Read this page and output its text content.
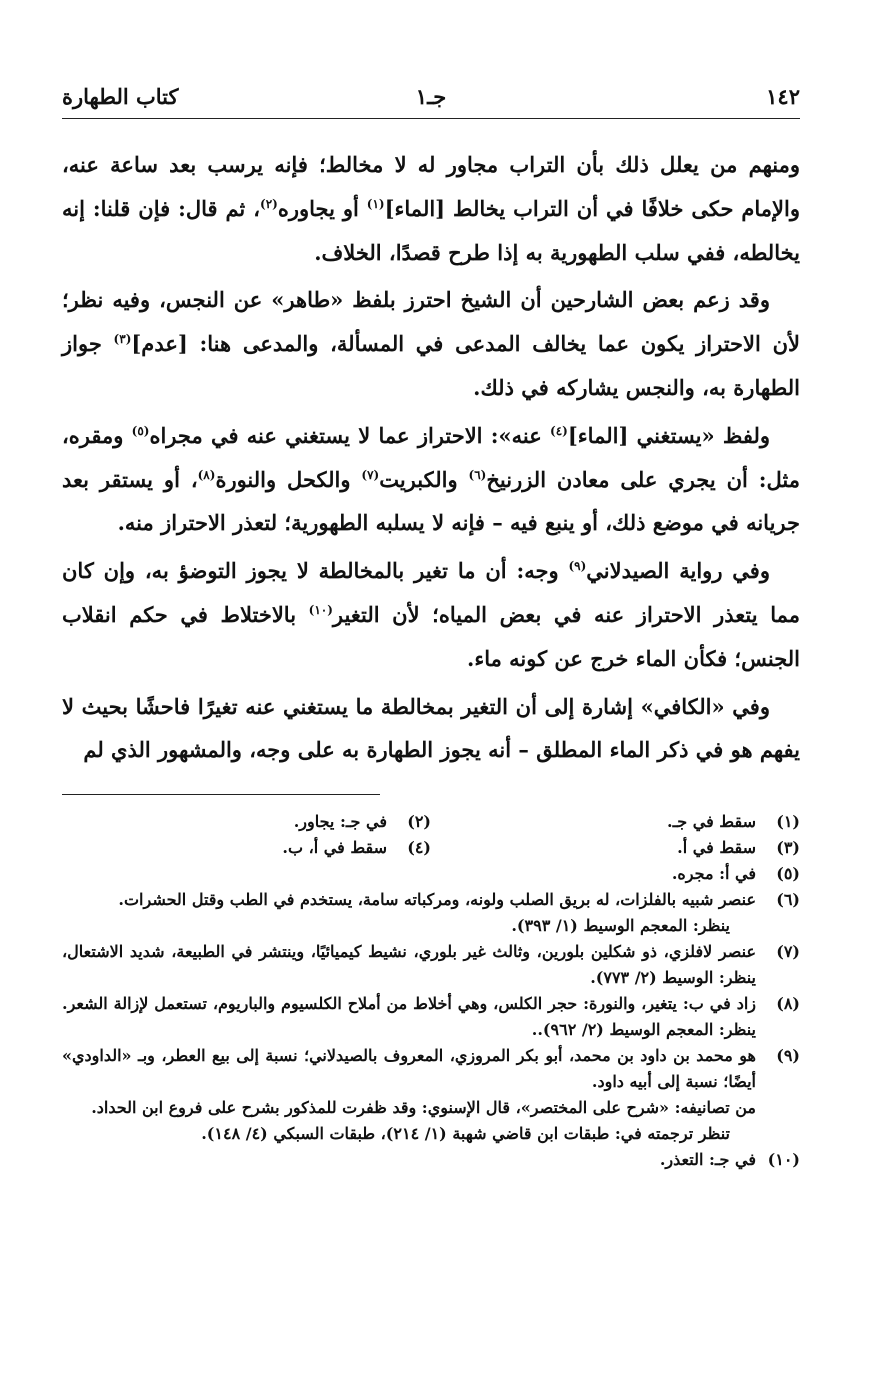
١٤٢
جـ١
كتاب الطهارة

ومنهم من يعلل ذلك بأن التراب مجاور له لا مخالط؛ فإنه يرسب بعد ساعة عنه، والإمام حكى خلافًا في أن التراب يخالط [الماء]$^{(١)}$ أو يجاوره$^{(٢)}$، ثم قال: فإن قلنا: إنه يخالطه، ففي سلب الطهورية به إذا طرح قصدًا، الخلاف.

وقد زعم بعض الشارحين أن الشيخ احترز بلفظ «طاهر» عن النجس، وفيه نظر؛ لأن الاحتراز يكون عما يخالف المدعى في المسألة، والمدعى هنا: [عدم]$^{(٣)}$ جواز الطهارة به، والنجس يشاركه في ذلك.

ولفظ «يستغني [الماء]$^{(٤)}$ عنه»: الاحتراز عما لا يستغني عنه في مجراه$^{(٥)}$ ومقره، مثل: أن يجري على معادن الزرنيخ$^{(٦)}$ والكبريت$^{(٧)}$ والكحل والنورة$^{(٨)}$، أو يستقر بعد جريانه في موضع ذلك، أو ينبع فيه – فإنه لا يسلبه الطهورية؛ لتعذر الاحتراز منه.

وفي رواية الصيدلاني$^{(٩)}$ وجه: أن ما تغير بالمخالطة لا يجوز التوضؤ به، وإن كان مما يتعذر الاحتراز عنه في بعض المياه؛ لأن التغير$^{(١٠)}$ بالاختلاط في حكم انقلاب الجنس؛ فكأن الماء خرج عن كونه ماء.

وفي «الكافي» إشارة إلى أن التغير بمخالطة ما يستغني عنه تغيرًا فاحشًا بحيث لا يفهم هو في ذكر الماء المطلق – أنه يجوز الطهارة به على وجه، والمشهور الذي لم

(١)
سقط في جـ.
(٢)
في جـ: يجاور.
(٣)
سقط في أ.
(٤)
سقط في أ، ب.
(٥)
في أ: مجره.
(٦)
عنصر شبيه بالفلزات، له بريق الصلب ولونه، ومركباته سامة، يستخدم في الطب وقتل الحشرات.
ينظر: المعجم الوسيط (١/ ٣٩٣).
(٧)
عنصر لافلزي، ذو شكلين بلورين، وثالث غير بلوري، نشيط كيميائيًا، وينتشر في الطبيعة، شديد الاشتعال، ينظر: الوسيط (٢/ ٧٧٣).
(٨)
زاد في ب: يتغير، والنورة: حجر الكلس، وهي أخلاط من أملاح الكلسيوم والباريوم، تستعمل لإزالة الشعر. ينظر: المعجم الوسيط (٢/ ٩٦٢)..
(٩)
هو محمد بن داود بن محمد، أبو بكر المروزي، المعروف بالصيدلاني؛ نسبة إلى بيع العطر، وبـ «الداودي» أيضًا؛ نسبة إلى أبيه داود.
من تصانيفه: «شرح على المختصر»، قال الإسنوي: وقد ظفرت للمذكور بشرح على فروع ابن الحداد.
تنظر ترجمته في: طبقات ابن قاضي شهبة (١/ ٢١٤)، طبقات السبكي (٤/ ١٤٨).
(١٠)
في جـ: التعذر.
